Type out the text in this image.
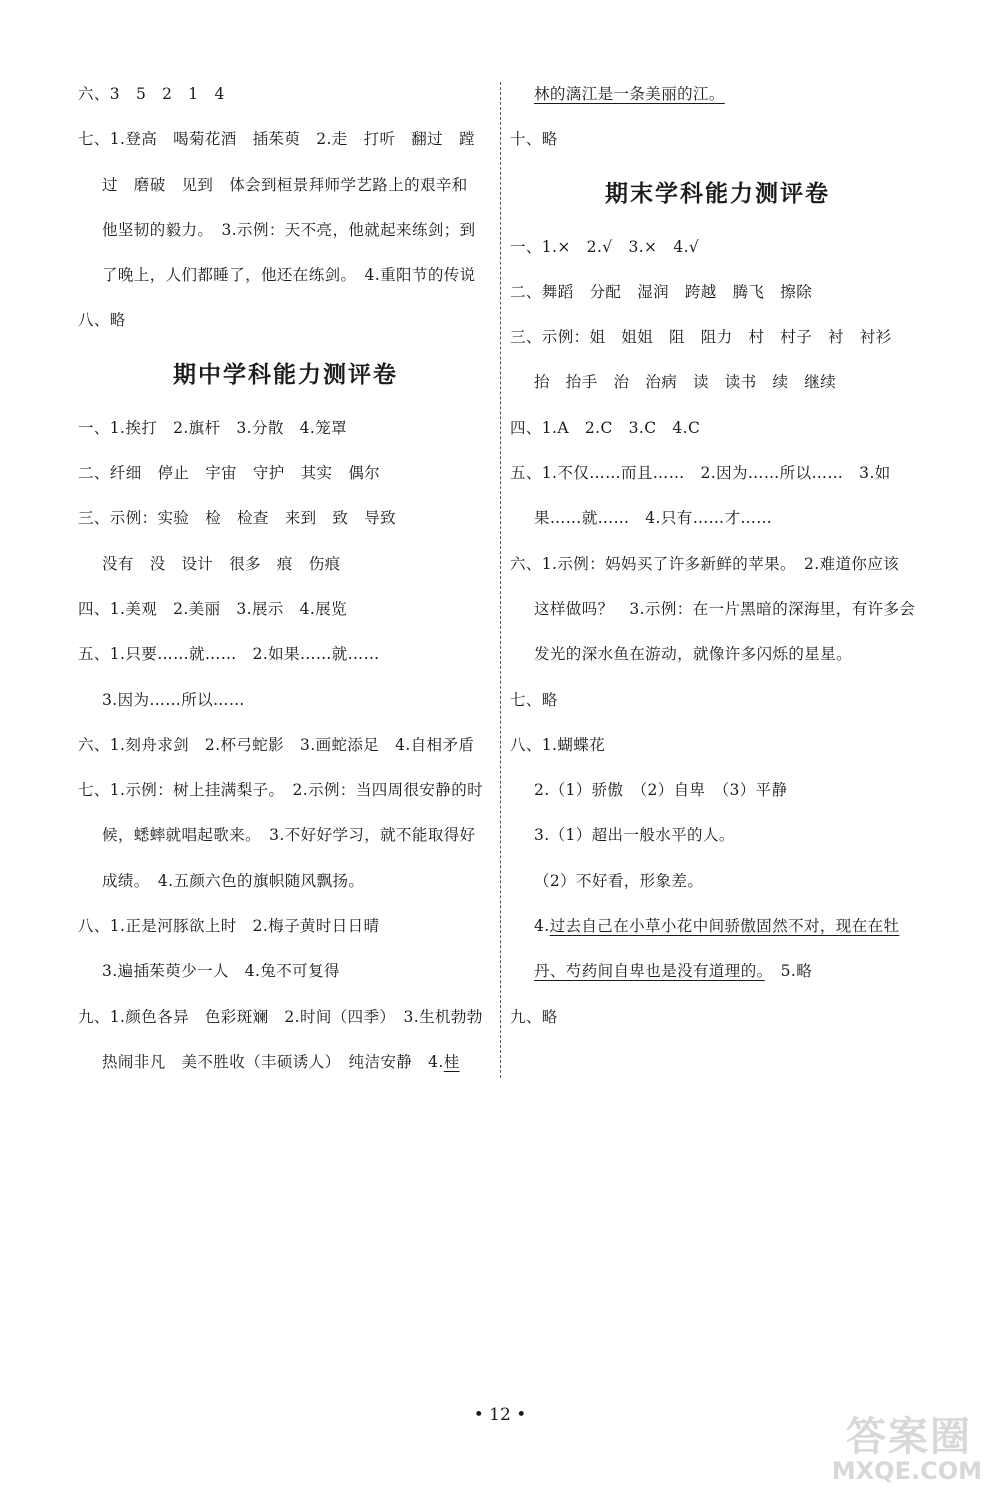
六、3　5　2　1　4
七、1.登高　喝菊花酒　插茱萸　2.走　打听　翻过　蹚
过　磨破　见到　体会到桓景拜师学艺路上的艰辛和
他坚韧的毅力。　3.示例：天不亮，他就起来练剑；到
了晚上，人们都睡了，他还在练剑。　4.重阳节的传说
八、略
期中学科能力测评卷
一、1.挨打　2.旗杆　3.分散　4.笼罩
二、纤细　停止　宇宙　守护　其实　偶尔
三、示例：实验　检　检查　来到　致　导致
没有　没　设计　很多　痕　伤痕
四、1.美观　2.美丽　3.展示　4.展览
五、1.只要……就……　2.如果……就……
3.因为……所以……
六、1.刻舟求剑　2.杯弓蛇影　3.画蛇添足　4.自相矛盾
七、1.示例：树上挂满梨子。　2.示例：当四周很安静的时
候，蟋蟀就唱起歌来。　3.不好好学习，就不能取得好
成绩。　4.五颜六色的旗帜随风飘扬。
八、1.正是河豚欲上时　2.梅子黄时日日晴
3.遍插茱萸少一人　4.兔不可复得
九、1.颜色各异　色彩斑斓　2.时间（四季）　3.生机勃勃
热闹非凡　美不胜收（丰硕诱人）　纯洁安静　4.桂
林的漓江是一条美丽的江。
十、略
期末学科能力测评卷
一、1.×　2.√　3.×　4.√
二、舞蹈　分配　湿润　跨越　腾飞　擦除
三、示例：姐　姐姐　阻　阻力　村　村子　衬　衬衫
抬　抬手　治　治病　读　读书　续　继续
四、1.A　2.C　3.C　4.C
五、1.不仅……而且……　2.因为……所以……　3.如
果……就……　4.只有……才……
六、1.示例：妈妈买了许多新鲜的苹果。　2.难道你应该
这样做吗？　3.示例：在一片黑暗的深海里，有许多会
发光的深水鱼在游动，就像许多闪烁的星星。
七、略
八、1.蝴蝶花
2.（1）骄傲　（2）自卑　（3）平静
3.（1）超出一般水平的人。
（2）不好看，形象差。
4.过去自己在小草小花中间骄傲固然不对，现在在牡
丹、芍药间自卑也是没有道理的。　5.略
九、略
• 12 •	答案圈
MXQE.COM
